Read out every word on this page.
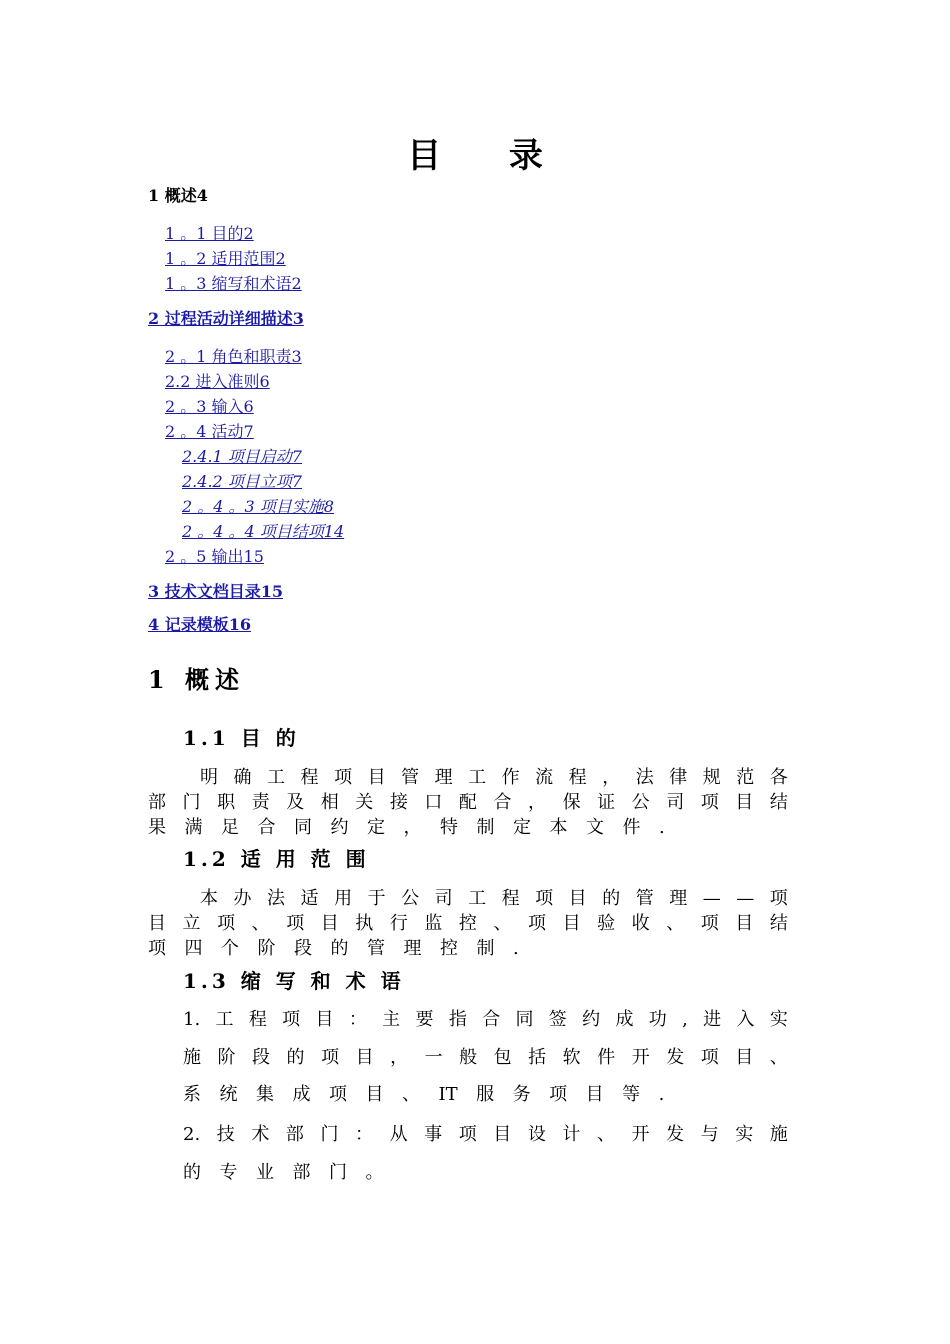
目 录
1 概述4
1 。1 目的2
1 。2 适用范围2
1 。3 缩写和术语2
2 过程活动详细描述3
2 。1 角色和职责3
2.2 进入准则6
2 。3 输入6
2 。4 活动7
2.4.1 项目启动7
2.4.2 项目立项7
2 。4 。3 项目实施8
2 。4 。4 项目结项14
2 。5 输出15
3 技术文档目录15
4 记录模板16
1 概述
1.1 目 的
明 确 工 程 项 目 管 理 工 作 流 程 ， 法 律 规 范 各
部 门 职 责 及 相 关 接 口 配 合 ， 保 证 公 司 项 目 结
果 满 足 合 同 约 定 ， 特 制 定 本 文 件 .
1.2 适 用 范 围
本 办 法 适 用 于 公 司 工 程 项 目 的 管 理 — — 项
目 立 项 、 项 目 执 行 监 控 、 项 目 验 收 、 项 目 结
项 四 个 阶 段 的 管 理 控 制 .
1.3 缩 写 和 术 语
1. 工 程 项 目 ： 主 要 指 合 同 签 约 成 功 , 进 入 实
施 阶 段 的 项 目 ， 一 般 包 括 软 件 开 发 项 目 、
系 统 集 成 项 目 、 IT 服 务 项 目 等 .
2. 技 术 部 门 ： 从 事 项 目 设 计 、 开 发 与 实 施
的 专 业 部 门 。
